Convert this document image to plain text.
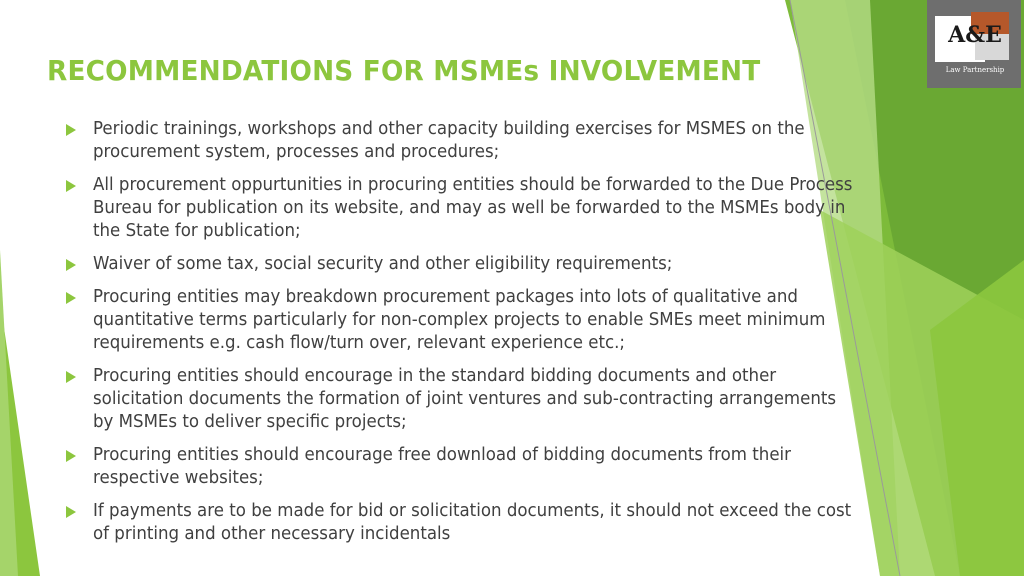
RECOMMENDATIONS FOR MSMEs INVOLVEMENT
Periodic trainings, workshops and other capacity building exercises for MSMES on the procurement system, processes and procedures;
All procurement oppurtunities in procuring entities should be forwarded to the Due Process Bureau for publication on its website, and may as well be forwarded to the MSMEs body in the State for publication;
Waiver of some tax, social security and other eligibility requirements;
Procuring entities may breakdown procurement packages into lots of qualitative and quantitative terms particularly for non-complex projects to enable SMEs meet minimum requirements e.g. cash flow/turn over, relevant experience etc.;
Procuring entities should encourage in the standard bidding documents and other solicitation documents the formation of joint ventures and sub-contracting arrangements by MSMEs to deliver specific projects;
Procuring entities should encourage free download of bidding documents from their respective websites;
If payments are to be made for bid or solicitation documents, it should not exceed the cost of printing and other necessary incidentals
A&E
Law Partnership
